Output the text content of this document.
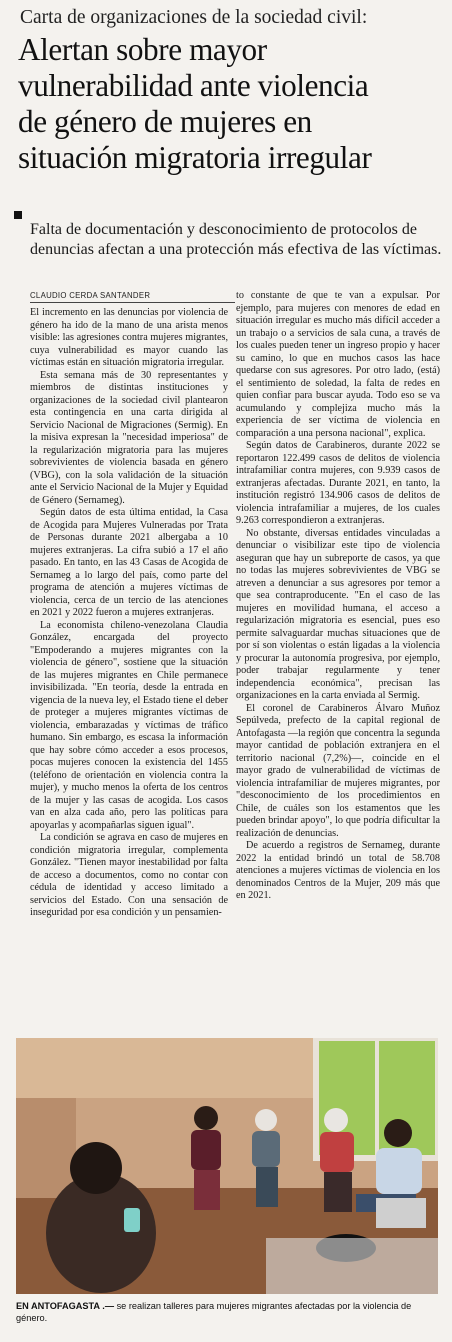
Carta de organizaciones de la sociedad civil:
Alertan sobre mayor
vulnerabilidad ante violencia
de género de mujeres en
situación migratoria irregular
Falta de documentación y desconocimiento de protocolos de denuncias afectan a una protección más efectiva de las víctimas.
CLAUDIO CERDA SANTANDER

El incremento en las denuncias por violencia de género ha ido de la mano de una arista menos visible: las agresiones contra mujeres migrantes, cuya vulnerabilidad es mayor cuando las víctimas están en situación migratoria irregular.

Esta semana más de 30 representantes y miembros de distintas instituciones y organizaciones de la sociedad civil plantearon esta contingencia en una carta dirigida al Servicio Nacional de Migraciones (Sermig). En la misiva expresan la "necesidad imperiosa" de la regularización migratoria para las mujeres sobrevivientes de violencia basada en género (VBG), con la sola validación de la situación ante el Servicio Nacional de la Mujer y Equidad de Género (Sernameg).

Según datos de esta última entidad, la Casa de Acogida para Mujeres Vulneradas por Trata de Personas durante 2021 albergaba a 10 mujeres extranjeras. La cifra subió a 17 el año pasado. En tanto, en las 43 Casas de Acogida de Sernameg a lo largo del país, como parte del programa de atención a mujeres víctimas de violencia, cerca de un tercio de las atenciones en 2021 y 2022 fueron a mujeres extranjeras.

La economista chileno-venezolana Claudia González, encargada del proyecto "Empoderando a mujeres migrantes con la violencia de género", sostiene que la situación de las mujeres migrantes en Chile permanece invisibilizada. "En teoría, desde la entrada en vigencia de la nueva ley, el Estado tiene el deber de proteger a mujeres migrantes víctimas de violencia, embarazadas y víctimas de tráfico humano. Sin embargo, es escasa la información que hay sobre cómo acceder a esos procesos, pocas mujeres conocen la existencia del 1455 (teléfono de orientación en violencia contra la mujer), y mucho menos la oferta de los centros de la mujer y las casas de acogida. Los casos van en alza cada año, pero las políticas para apoyarlas y acompañarlas siguen igual".

La condición se agrava en caso de mujeres en condición migratoria irregular, complementa González. "Tienen mayor inestabilidad por falta de acceso a documentos, como no contar con cédula de identidad y acceso limitado a servicios del Estado. Con una sensación de inseguridad por esa condición y un pensamien-

to constante de que te van a expulsar. Por ejemplo, para mujeres con menores de edad en situación irregular es mucho más difícil acceder a un trabajo o a servicios de sala cuna, a través de los cuales pueden tener un ingreso propio y hacer su camino, lo que en muchos casos las hace quedarse con sus agresores. Por otro lado, (está) el sentimiento de soledad, la falta de redes en quien confiar para buscar ayuda. Todo eso se va acumulando y complejiza mucho más la experiencia de ser víctima de violencia en comparación a una persona nacional", explica.

Según datos de Carabineros, durante 2022 se reportaron 122.499 casos de delitos de violencia intrafamiliar contra mujeres, con 9.939 casos de extranjeras afectadas. Durante 2021, en tanto, la institución registró 134.906 casos de delitos de violencia intrafamiliar a mujeres, de los cuales 9.263 correspondieron a extranjeras.

No obstante, diversas entidades vinculadas a denunciar o visibilizar este tipo de violencia aseguran que hay un subreporte de casos, ya que no todas las mujeres sobrevivientes de VBG se atreven a denunciar a sus agresores por temor a que sea contraproducente. "En el caso de las mujeres en movilidad humana, el acceso a regularización migratoria es esencial, pues eso permite salvaguardar muchas situaciones que de por sí son violentas o están ligadas a la violencia y procurar la autonomía progresiva, por ejemplo, poder trabajar regularmente y tener independencia económica", precisan las organizaciones en la carta enviada al Sermig.

El coronel de Carabineros Álvaro Muñoz Sepúlveda, prefecto de la capital regional de Antofagasta —la región que concentra la segunda mayor cantidad de población extranjera en el territorio nacional (7,2%)—, coincide en el mayor grado de vulnerabilidad de víctimas de violencia intrafamiliar de mujeres migrantes, por "desconocimiento de los procedimientos en Chile, de cuáles son los estamentos que les pueden brindar apoyo", lo que podría dificultar la realización de denuncias.

De acuerdo a registros de Sernameg, durante 2022 la entidad brindó un total de 58.708 atenciones a mujeres víctimas de violencia en los denominados Centros de la Mujer, 209 más que en 2021.

EN ANTOFAGASTA .— se realizan talleres para mujeres migrantes afectadas por la violencia de género.
